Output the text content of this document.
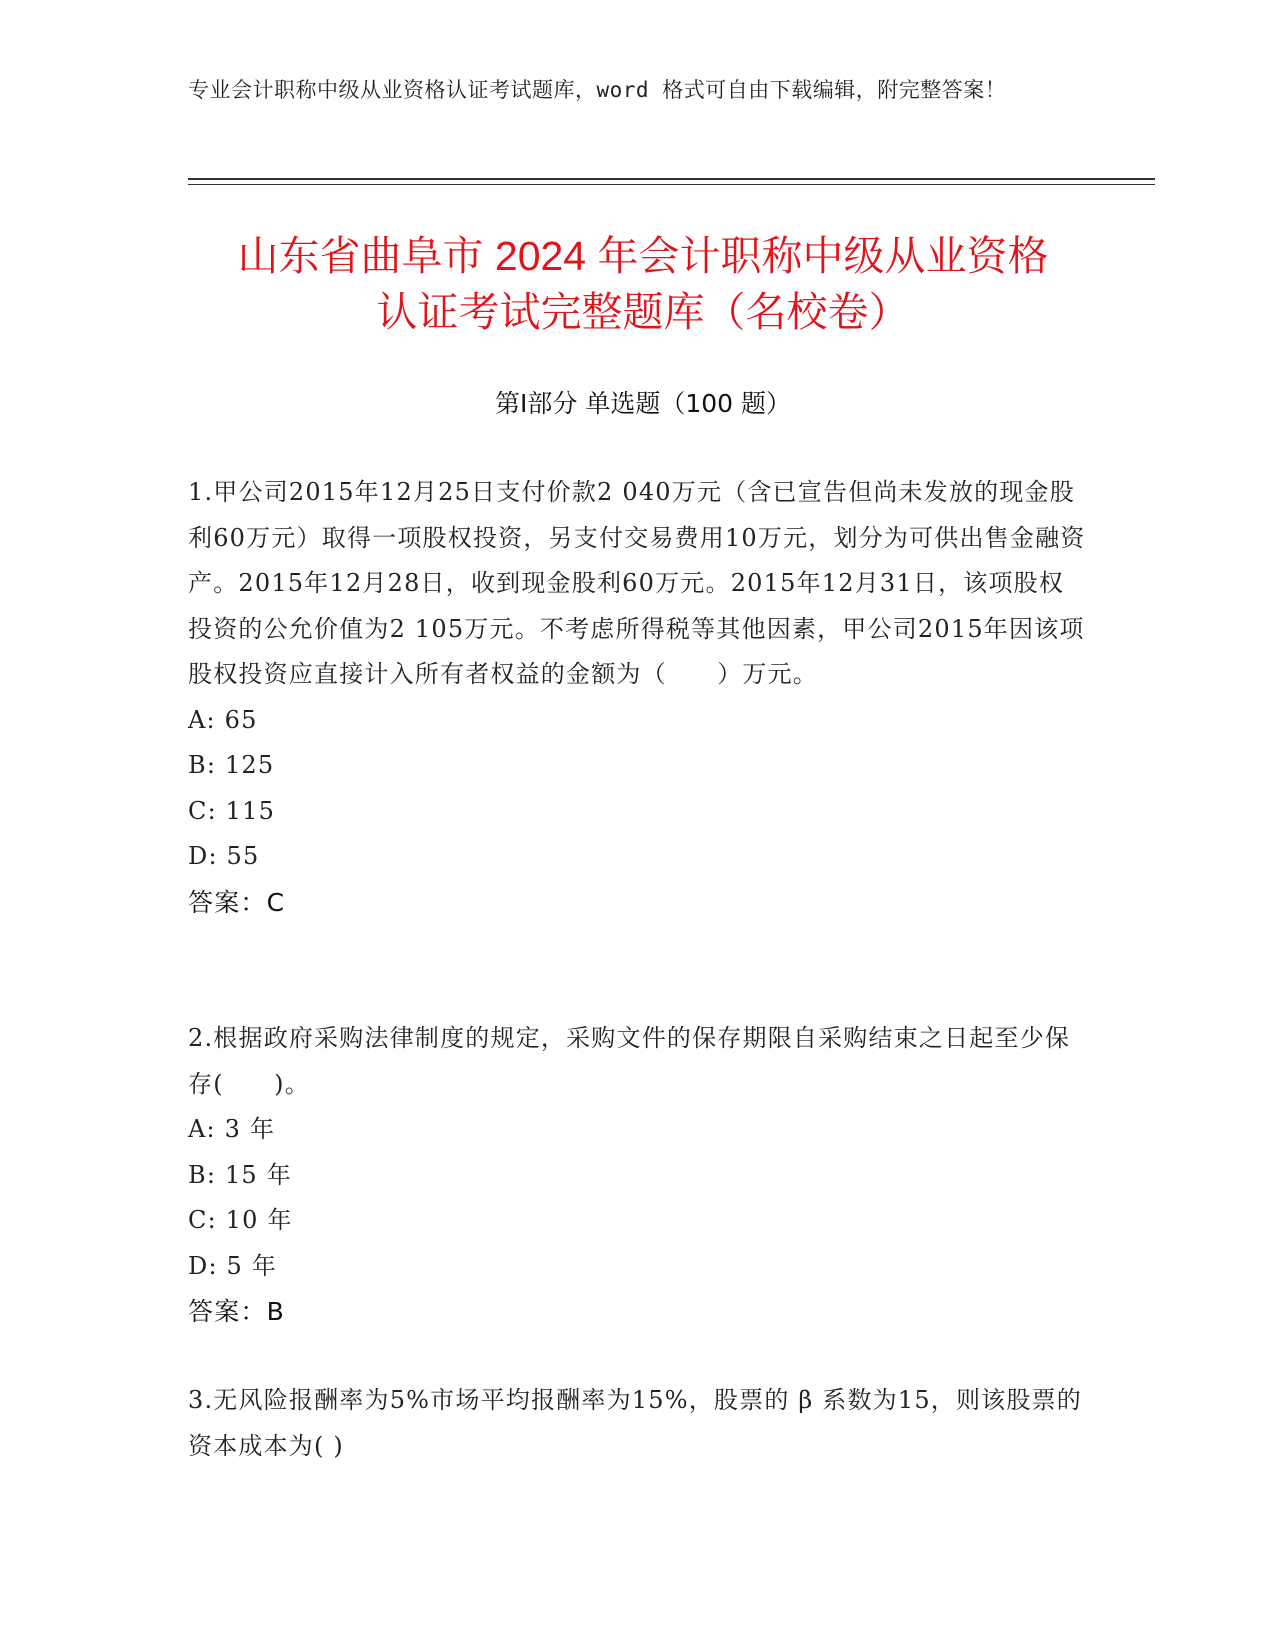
专业会计职称中级从业资格认证考试题库，word 格式可自由下载编辑，附完整答案！
山东省曲阜市 2024 年会计职称中级从业资格
认证考试完整题库（名校卷）
第Ⅰ部分 单选题（100 题）

1.甲公司2015年12月25日支付价款2 040万元（含已宣告但尚未发放的现金股利60万元）取得一项股权投资，另支付交易费用10万元，划分为可供出售金融资产。2015年12月28日，收到现金股利60万元。2015年12月31日，该项股权投资的公允价值为2 105万元。不考虑所得税等其他因素，甲公司2015年因该项股权投资应直接计入所有者权益的金额为（　　）万元。

A: 65

B: 125

C: 115

D: 55

答案：C

2.根据政府采购法律制度的规定，采购文件的保存期限自采购结束之日起至少保存(　　)。

A: 3 年

B: 15 年

C: 10 年

D: 5 年

答案：B

3.无风险报酬率为5%市场平均报酬率为15%，股票的 β 系数为15，则该股票的资本成本为( )
